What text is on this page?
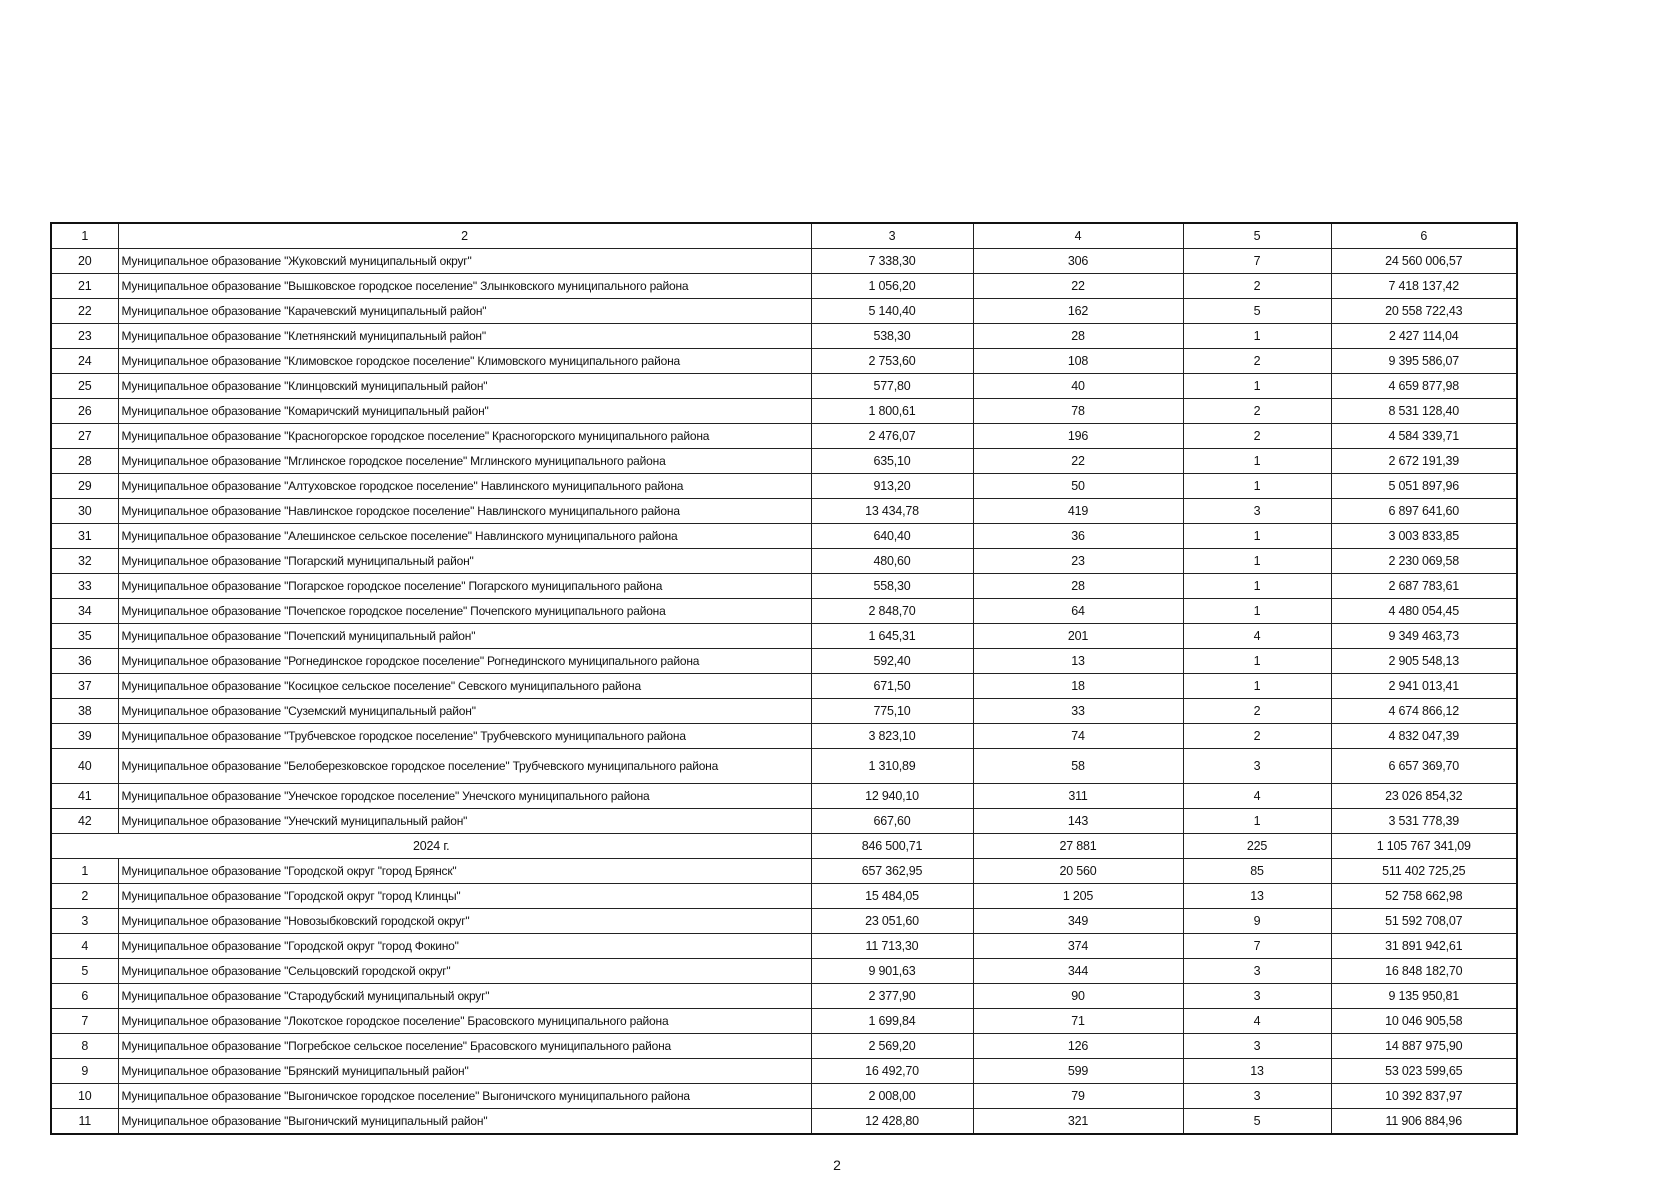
1	2	3	4	5	6
20	Муниципальное образование "Жуковский муниципальный округ"	7 338,30	306	7	24 560 006,57
21	Муниципальное образование "Вышковское городское поселение" Злынковского муниципального района	1 056,20	22	2	7 418 137,42
22	Муниципальное образование "Карачевский муниципальный район"	5 140,40	162	5	20 558 722,43
23	Муниципальное образование "Клетнянский муниципальный район"	538,30	28	1	2 427 114,04
24	Муниципальное образование "Климовское городское поселение" Климовского муниципального района	2 753,60	108	2	9 395 586,07
25	Муниципальное образование "Клинцовский муниципальный район"	577,80	40	1	4 659 877,98
26	Муниципальное образование "Комаричский муниципальный район"	1 800,61	78	2	8 531 128,40
27	Муниципальное образование "Красногорское городское поселение" Красногорского муниципального района	2 476,07	196	2	4 584 339,71
28	Муниципальное образование "Мглинское городское поселение" Мглинского муниципального района	635,10	22	1	2 672 191,39
29	Муниципальное образование "Алтуховское городское поселение" Навлинского муниципального района	913,20	50	1	5 051 897,96
30	Муниципальное образование "Навлинское городское поселение" Навлинского муниципального района	13 434,78	419	3	6 897 641,60
31	Муниципальное образование "Алешинское сельское поселение" Навлинского муниципального района	640,40	36	1	3 003 833,85
32	Муниципальное образование "Погарский муниципальный район"	480,60	23	1	2 230 069,58
33	Муниципальное образование "Погарское городское поселение" Погарского муниципального района	558,30	28	1	2 687 783,61
34	Муниципальное образование "Почепское городское поселение" Почепского муниципального района	2 848,70	64	1	4 480 054,45
35	Муниципальное образование "Почепский муниципальный район"	1 645,31	201	4	9 349 463,73
36	Муниципальное образование "Рогнединское городское поселение" Рогнединского муниципального района	592,40	13	1	2 905 548,13
37	Муниципальное образование "Косицкое сельское поселение" Севского муниципального района	671,50	18	1	2 941 013,41
38	Муниципальное образование "Суземский муниципальный район"	775,10	33	2	4 674 866,12
39	Муниципальное образование "Трубчевское городское поселение" Трубчевского муниципального района	3 823,10	74	2	4 832 047,39
40	Муниципальное образование "Белоберезковское городское поселение" Трубчевского муниципального района	1 310,89	58	3	6 657 369,70
41	Муниципальное образование "Унечское городское поселение" Унечского муниципального района	12 940,10	311	4	23 026 854,32
42	Муниципальное образование "Унечский муниципальный район"	667,60	143	1	3 531 778,39
2024 г.		846 500,71	27 881	225	1 105 767 341,09
1	Муниципальное образование "Городской округ "город Брянск"	657 362,95	20 560	85	511 402 725,25
2	Муниципальное образование "Городской округ "город Клинцы"	15 484,05	1 205	13	52 758 662,98
3	Муниципальное образование "Новозыбковский городской округ"	23 051,60	349	9	51 592 708,07
4	Муниципальное образование "Городской округ "город Фокино"	11 713,30	374	7	31 891 942,61
5	Муниципальное образование "Сельцовский городской округ"	9 901,63	344	3	16 848 182,70
6	Муниципальное образование "Стародубский муниципальный округ"	2 377,90	90	3	9 135 950,81
7	Муниципальное образование "Локотское городское поселение" Брасовского муниципального района	1 699,84	71	4	10 046 905,58
8	Муниципальное образование "Погребское сельское поселение" Брасовского муниципального района	2 569,20	126	3	14 887 975,90
9	Муниципальное образование "Брянский муниципальный район"	16 492,70	599	13	53 023 599,65
10	Муниципальное образование "Выгоничское городское поселение" Выгоничского муниципального района	2 008,00	79	3	10 392 837,97
11	Муниципальное образование "Выгоничский муниципальный район"	12 428,80	321	5	11 906 884,96
2
